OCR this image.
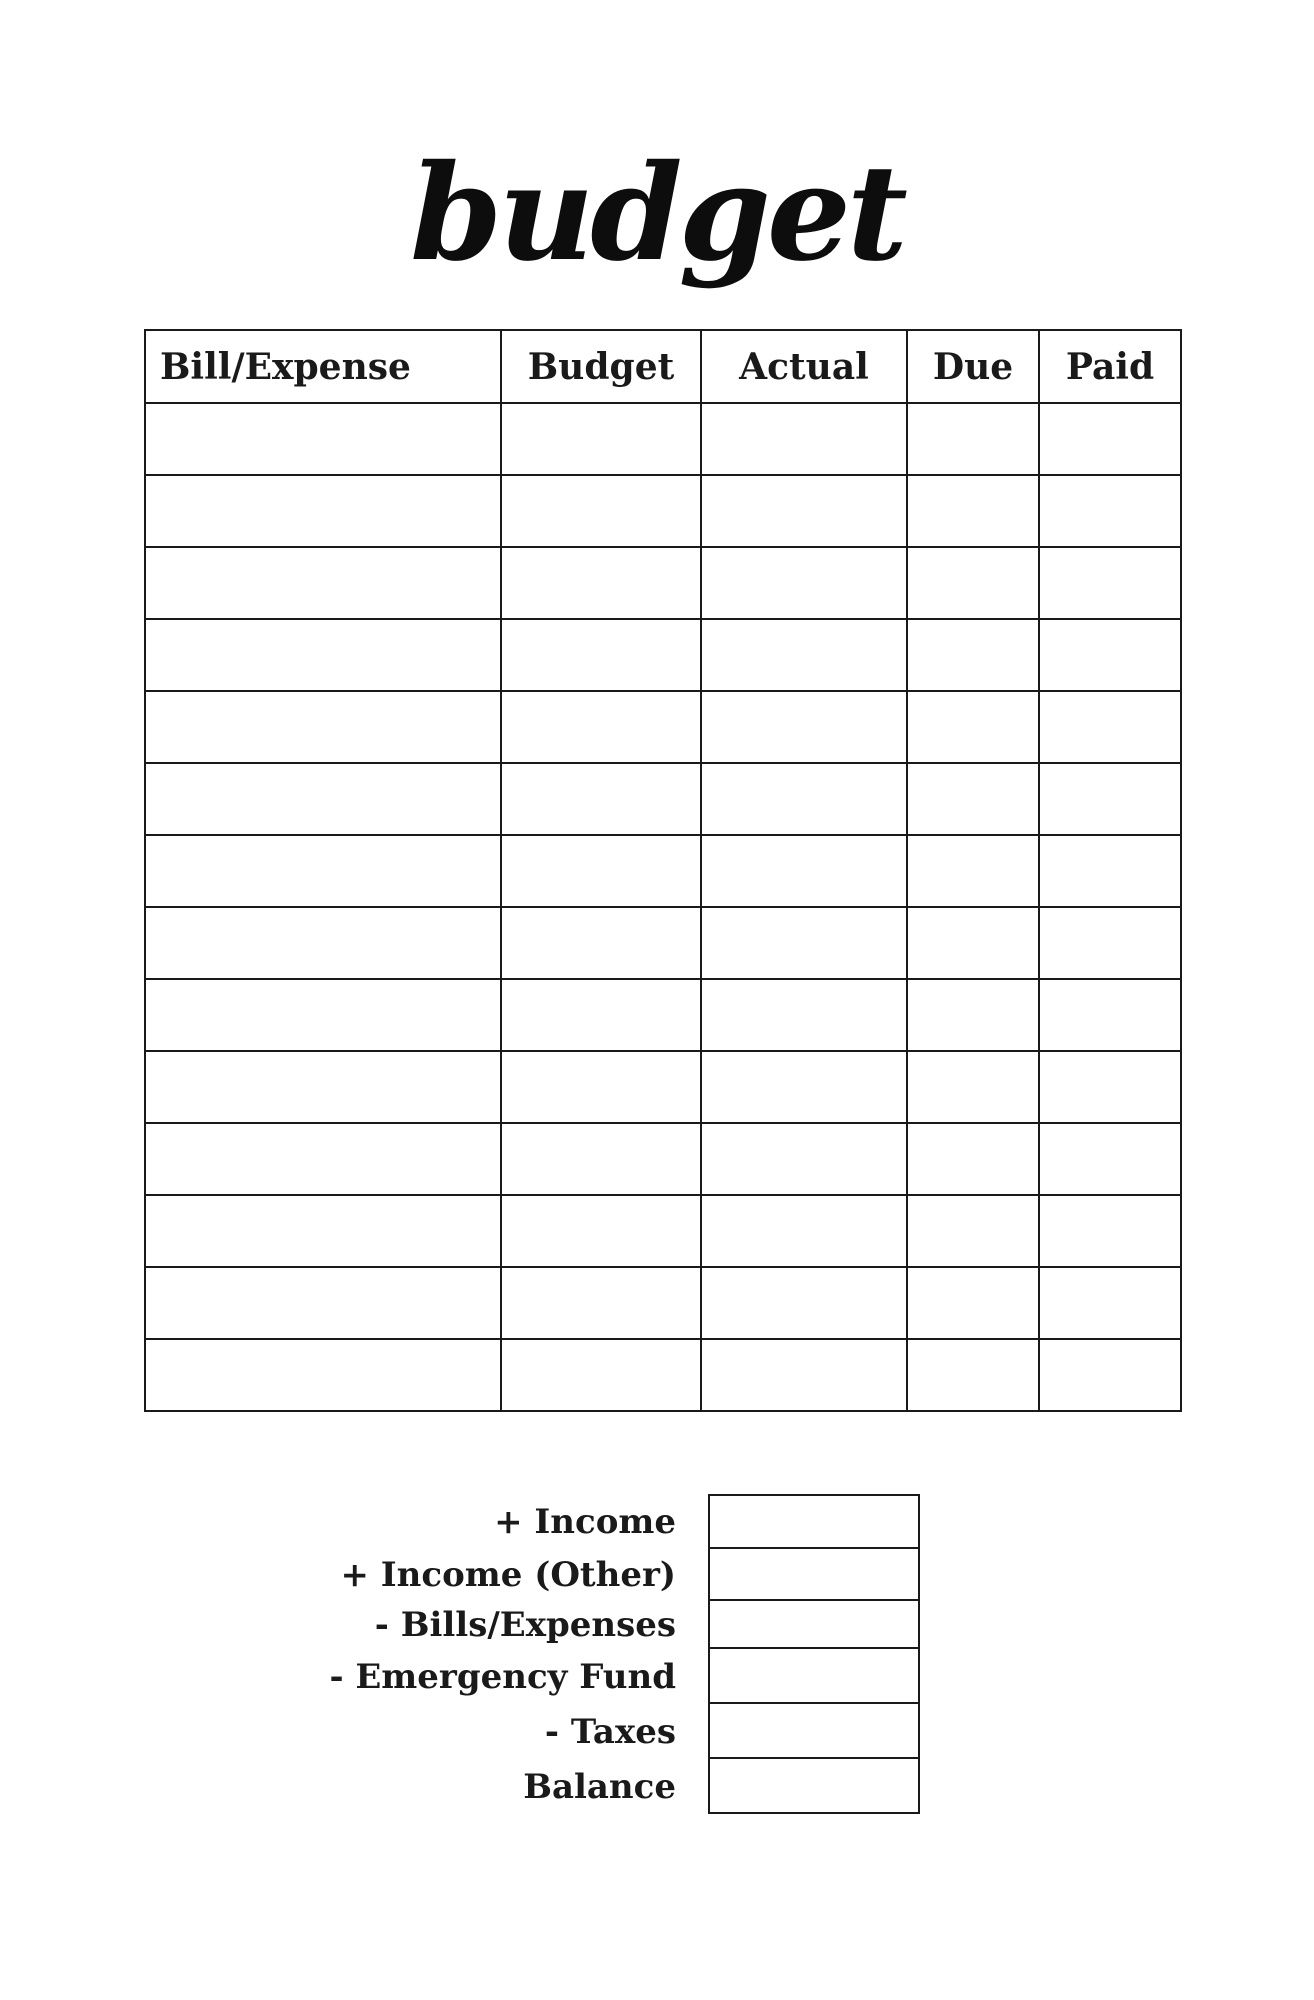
budget
Bill/Expense	Budget	Actual	Due	Paid

+ Income
+ Income (Other)
- Bills/Expenses
- Emergency Fund
- Taxes
Balance
